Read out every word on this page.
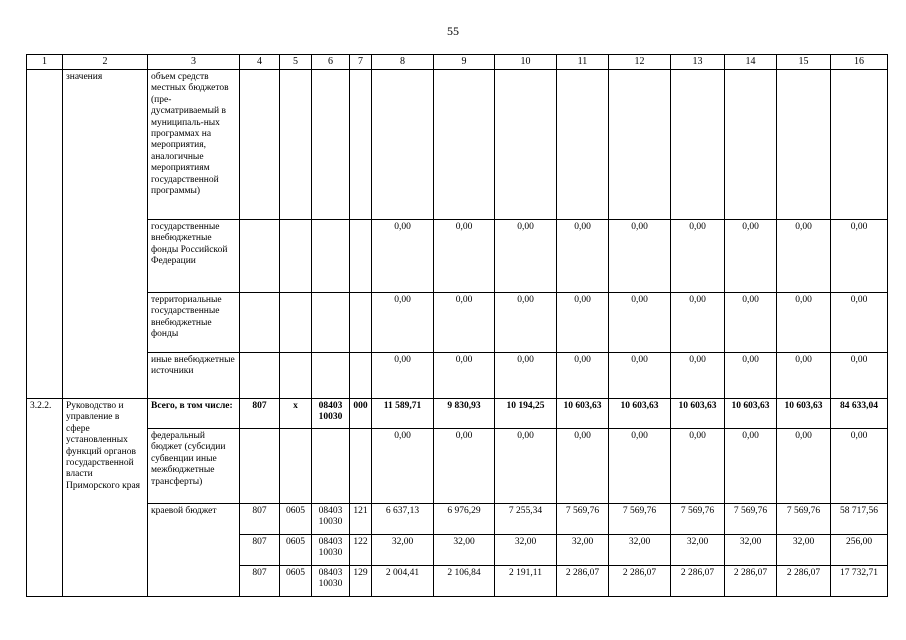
55
1	2	3	4	5	6	7	8	9	10	11	12	13	14	15	16
	значения	объем средств местных бюджетов (пре-дусматриваемый в муниципаль-ных программах на мероприятия, аналогичные мероприятиям государственной программы)													
		государственные внебюджетные фонды Российской Федерации					0,00	0,00	0,00	0,00	0,00	0,00	0,00	0,00	0,00
		территориальные государственные внебюджетные фонды					0,00	0,00	0,00	0,00	0,00	0,00	0,00	0,00	0,00
		иные внебюджетные источники					0,00	0,00	0,00	0,00	0,00	0,00	0,00	0,00	0,00
3.2.2.	Руководство и управление в сфере установленных функций органов государственной власти Приморского края	Всего, в том числе:	807	х	08403 10030	000	11 589,71	9 830,93	10 194,25	10 603,63	10 603,63	10 603,63	10 603,63	10 603,63	84 633,04
		федеральный бюджет (субсидии субвенции иные межбюджетные трансферты)					0,00	0,00	0,00	0,00	0,00	0,00	0,00	0,00	0,00
		краевой бюджет	807	0605	08403 10030	121	6 637,13	6 976,29	7 255,34	7 569,76	7 569,76	7 569,76	7 569,76	7 569,76	58 717,56
			807	0605	08403 10030	122	32,00	32,00	32,00	32,00	32,00	32,00	32,00	32,00	256,00
			807	0605	08403 10030	129	2 004,41	2 106,84	2 191,11	2 286,07	2 286,07	2 286,07	2 286,07	2 286,07	17 732,71
